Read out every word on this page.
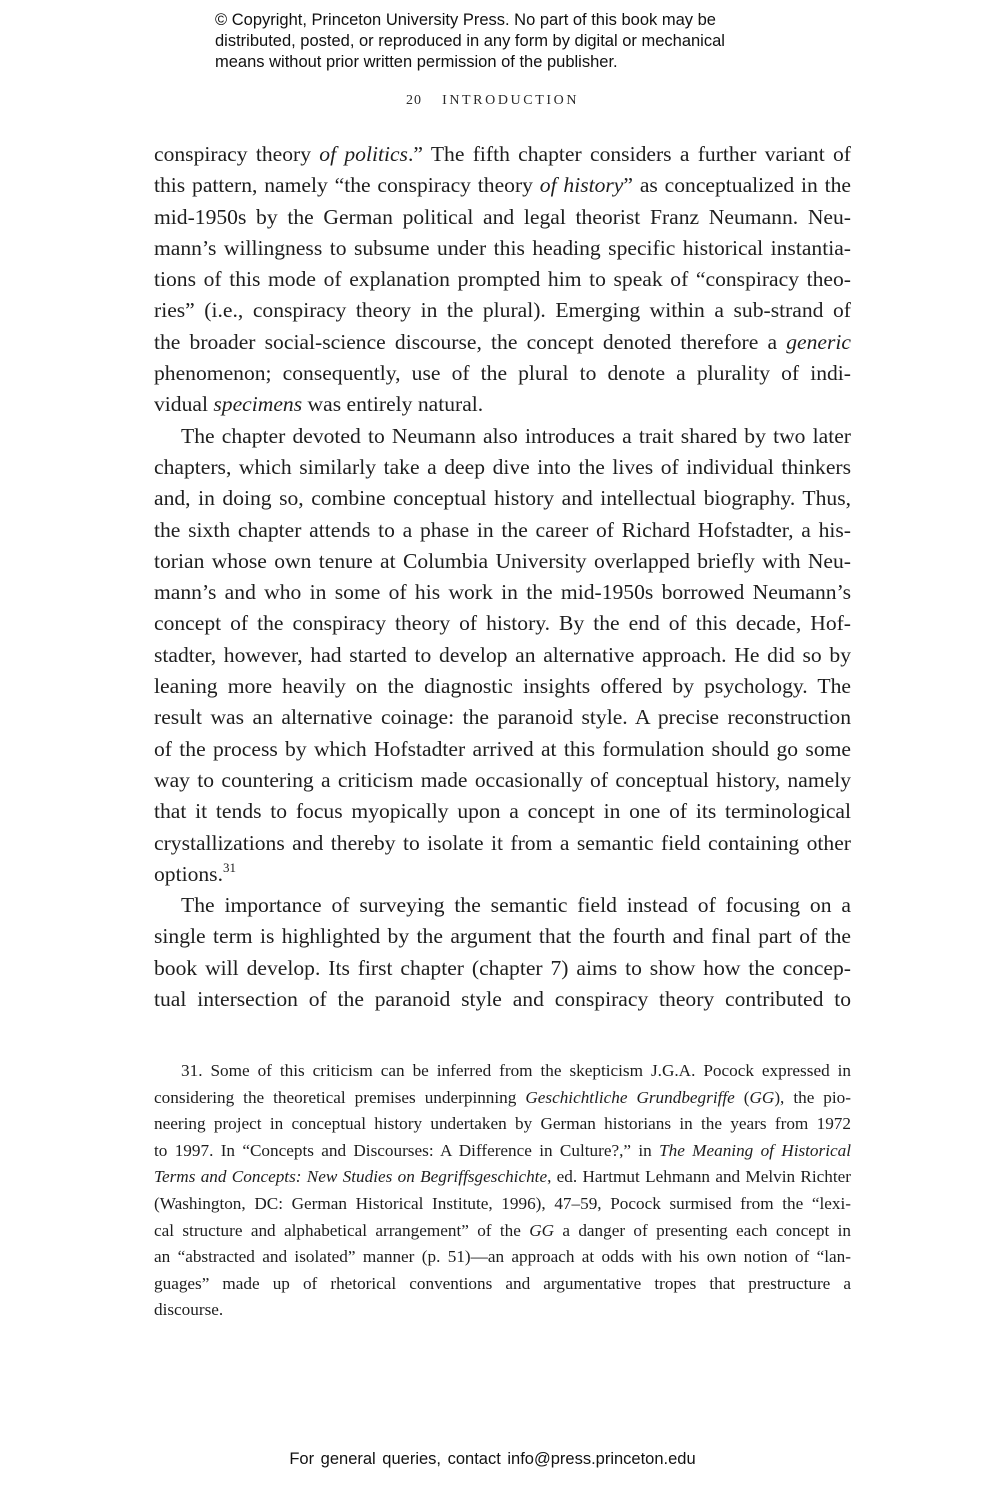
© Copyright, Princeton University Press. No part of this book may be
distributed, posted, or reproduced in any form by digital or mechanical
means without prior written permission of the publisher.
20 INTRODUCTION
conspiracy theory of politics.” The fifth chapter considers a further variant of
this pattern, namely “the conspiracy theory of history” as conceptualized in the
mid-1950s by the German political and legal theorist Franz Neumann. Neu-
mann’s willingness to subsume under this heading specific historical instantia-
tions of this mode of explanation prompted him to speak of “conspiracy theo-
ries” (i.e., conspiracy theory in the plural). Emerging within a sub-strand of
the broader social-science discourse, the concept denoted therefore a generic
phenomenon; consequently, use of the plural to denote a plurality of indi-
vidual specimens was entirely natural.
The chapter devoted to Neumann also introduces a trait shared by two later
chapters, which similarly take a deep dive into the lives of individual thinkers
and, in doing so, combine conceptual history and intellectual biography. Thus,
the sixth chapter attends to a phase in the career of Richard Hofstadter, a his-
torian whose own tenure at Columbia University overlapped briefly with Neu-
mann’s and who in some of his work in the mid-1950s borrowed Neumann’s
concept of the conspiracy theory of history. By the end of this decade, Hof-
stadter, however, had started to develop an alternative approach. He did so by
leaning more heavily on the diagnostic insights offered by psychology. The
result was an alternative coinage: the paranoid style. A precise reconstruction
of the process by which Hofstadter arrived at this formulation should go some
way to countering a criticism made occasionally of conceptual history, namely
that it tends to focus myopically upon a concept in one of its terminological
crystallizations and thereby to isolate it from a semantic field containing other
options.$^{31}$
The importance of surveying the semantic field instead of focusing on a
single term is highlighted by the argument that the fourth and final part of the
book will develop. Its first chapter (chapter 7) aims to show how the concep-
tual intersection of the paranoid style and conspiracy theory contributed to
31. Some of this criticism can be inferred from the skepticism J.G.A. Pocock expressed in
considering the theoretical premises underpinning Geschichtliche Grundbegriffe (GG), the pio-
neering project in conceptual history undertaken by German historians in the years from 1972
to 1997. In “Concepts and Discourses: A Difference in Culture?,” in The Meaning of Historical
Terms and Concepts: New Studies on Begriffsgeschichte, ed. Hartmut Lehmann and Melvin Richter
(Washington, DC: German Historical Institute, 1996), 47–59, Pocock surmised from the “lexi-
cal structure and alphabetical arrangement” of the GG a danger of presenting each concept in
an “abstracted and isolated” manner (p. 51)—an approach at odds with his own notion of “lan-
guages” made up of rhetorical conventions and argumentative tropes that prestructure a
discourse.
For general queries, contact info@press.princeton.edu
